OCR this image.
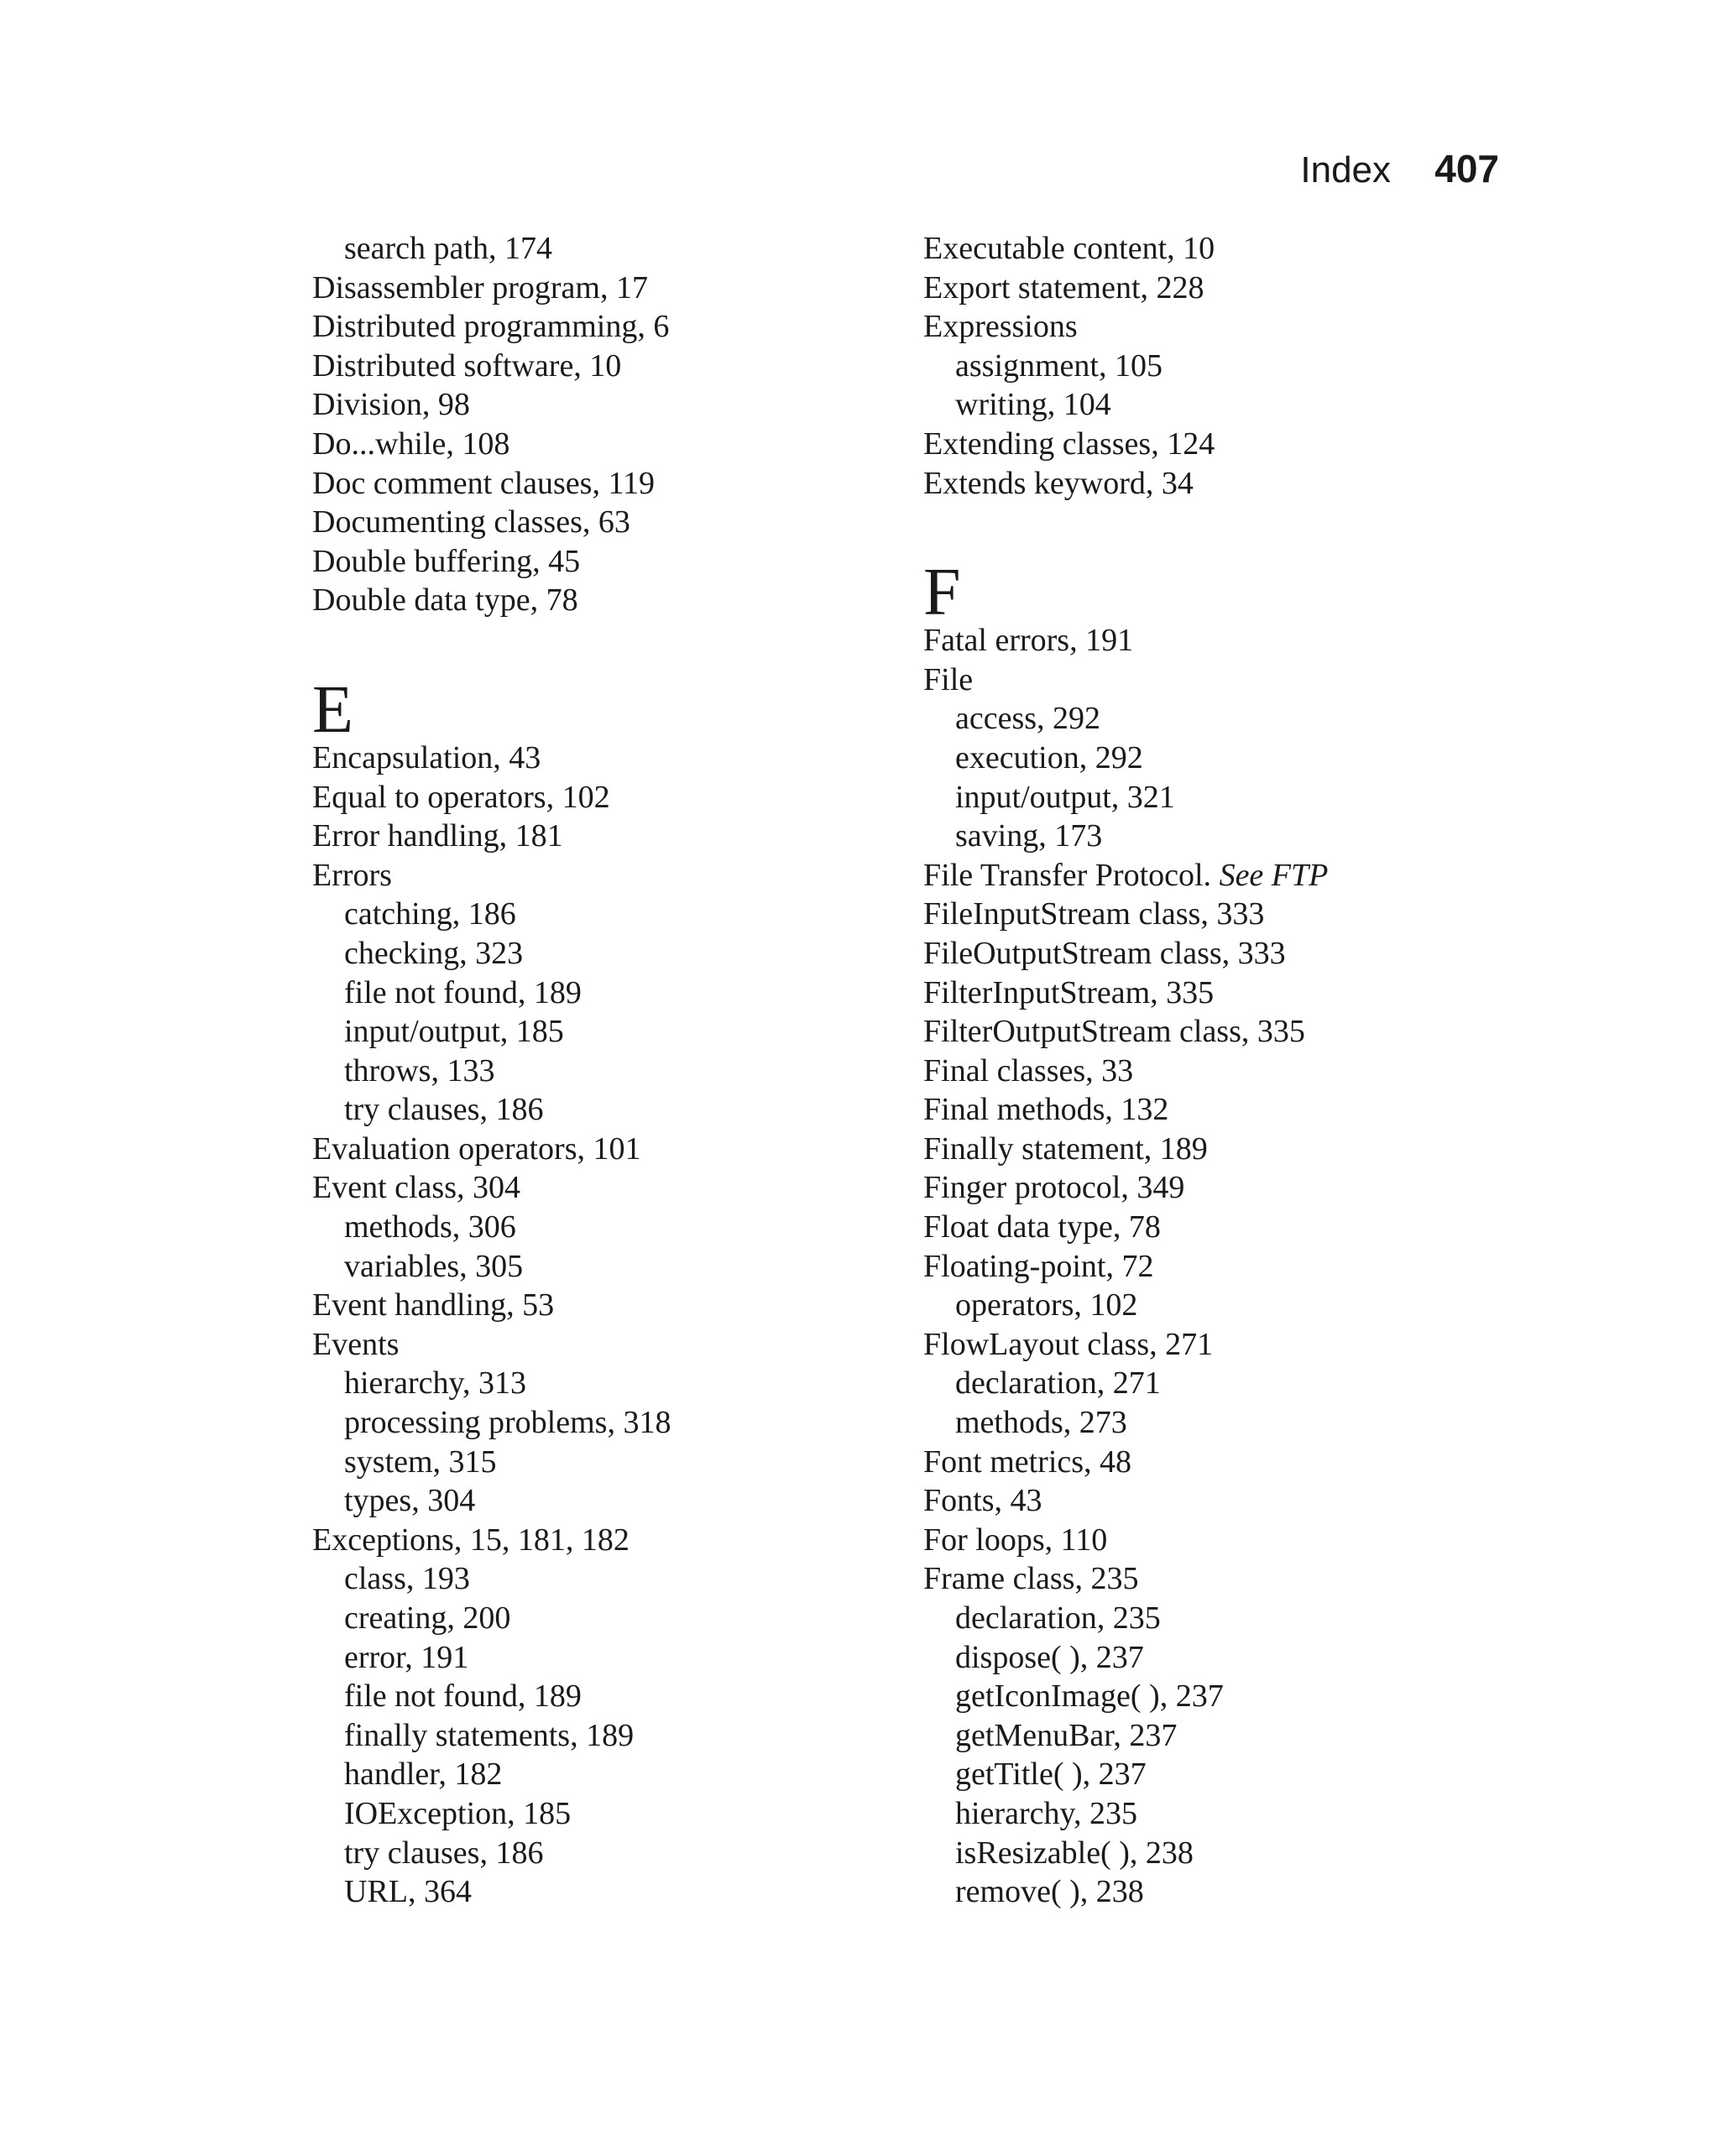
Index 407
search path, 174
Disassembler program, 17
Distributed programming, 6
Distributed software, 10
Division, 98
Do...while, 108
Doc comment clauses, 119
Documenting classes, 63
Double buffering, 45
Double data type, 78
E
Encapsulation, 43
Equal to operators, 102
Error handling, 181
Errors
catching, 186
checking, 323
file not found, 189
input/output, 185
throws, 133
try clauses, 186
Evaluation operators, 101
Event class, 304
methods, 306
variables, 305
Event handling, 53
Events
hierarchy, 313
processing problems, 318
system, 315
types, 304
Exceptions, 15, 181, 182
class, 193
creating, 200
error, 191
file not found, 189
finally statements, 189
handler, 182
IOException, 185
try clauses, 186
URL, 364
Executable content, 10
Export statement, 228
Expressions
assignment, 105
writing, 104
Extending classes, 124
Extends keyword, 34
F
Fatal errors, 191
File
access, 292
execution, 292
input/output, 321
saving, 173
File Transfer Protocol. See FTP
FileInputStream class, 333
FileOutputStream class, 333
FilterInputStream, 335
FilterOutputStream class, 335
Final classes, 33
Final methods, 132
Finally statement, 189
Finger protocol, 349
Float data type, 78
Floating-point, 72
operators, 102
FlowLayout class, 271
declaration, 271
methods, 273
Font metrics, 48
Fonts, 43
For loops, 110
Frame class, 235
declaration, 235
dispose( ), 237
getIconImage( ), 237
getMenuBar, 237
getTitle( ), 237
hierarchy, 235
isResizable( ), 238
remove( ), 238
